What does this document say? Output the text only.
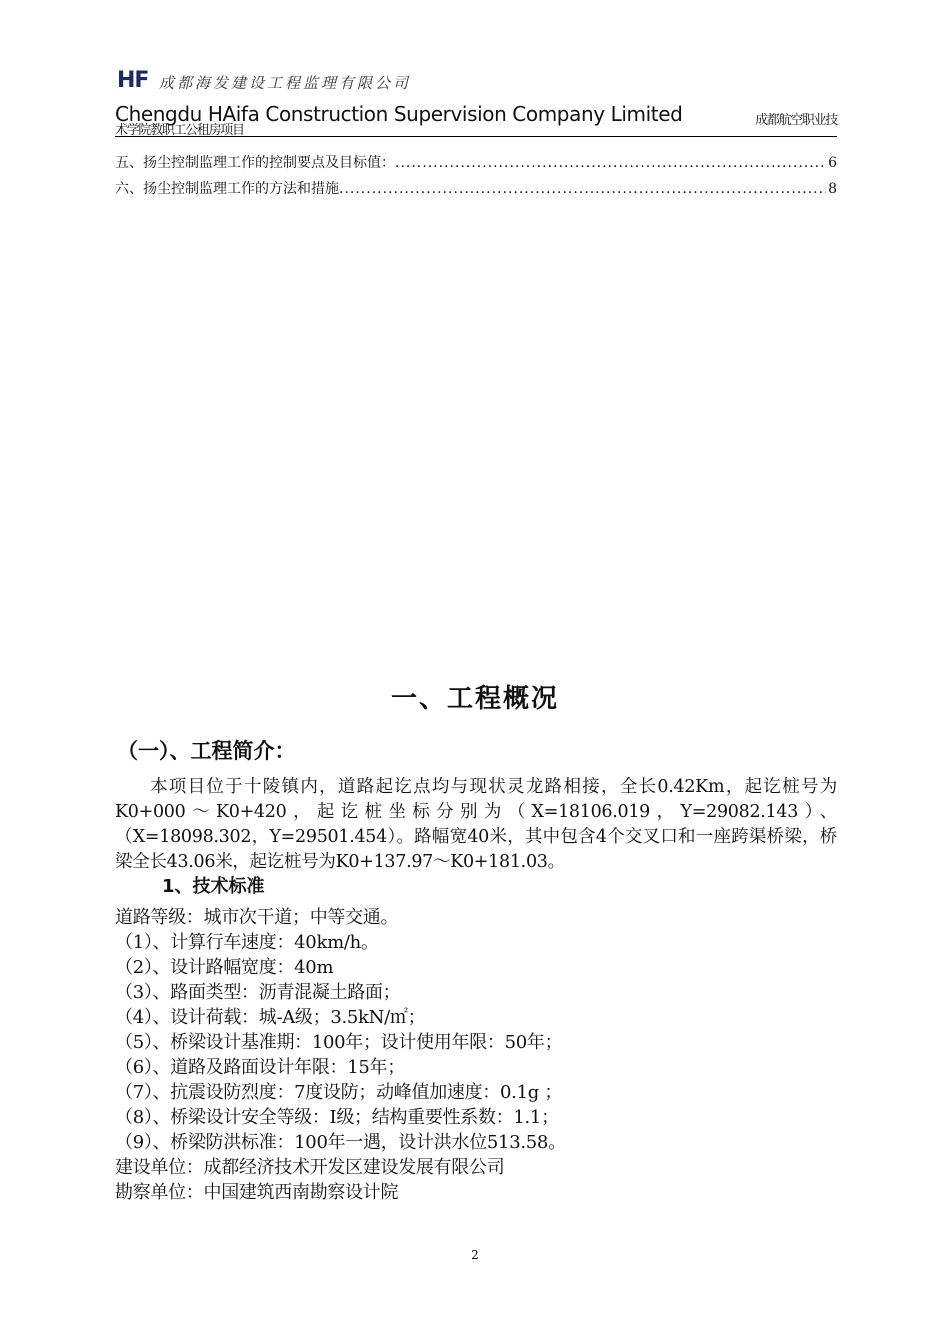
HF 成都海发建设工程监理有限公司
Chengdu HAifa Construction Supervision Company Limited
术学院教职工公租房项目
成都航空职业技
五、扬尘控制监理工作的控制要点及目标值： .....	6
六、扬尘控制监理工作的方法和措施 .....	8
一、工程概况
（一）、工程简介：

本项目位于十陵镇内，道路起讫点均与现状灵龙路相接，全长0.42Km，起讫桩号为K0+000～K0+420，起讫桩坐标分别为（X=18106.019，Y=29082.143）、（X=18098.302，Y=29501.454）。路幅宽40米，其中包含4个交叉口和一座跨渠桥梁，桥梁全长43.06米，起讫桩号为K0+137.97～K0+181.03。

1、技术标准
道路等级：城市次干道；中等交通。
（1）、计算行车速度：40km/h。
（2）、设计路幅宽度：40m
（3）、路面类型：沥青混凝土路面；
（4）、设计荷载：城-A级；3.5kN/㎡；
（5）、桥梁设计基准期：100年；设计使用年限：50年；
（6）、道路及路面设计年限：15年；
（7）、抗震设防烈度：7度设防；动峰值加速度：0.1g ；
（8）、桥梁设计安全等级：Ⅰ级；结构重要性系数：1.1；
（9）、桥梁防洪标准：100年一遇，设计洪水位513.58。
建设单位：成都经济技术开发区建设发展有限公司
勘察单位：中国建筑西南勘察设计院
2
